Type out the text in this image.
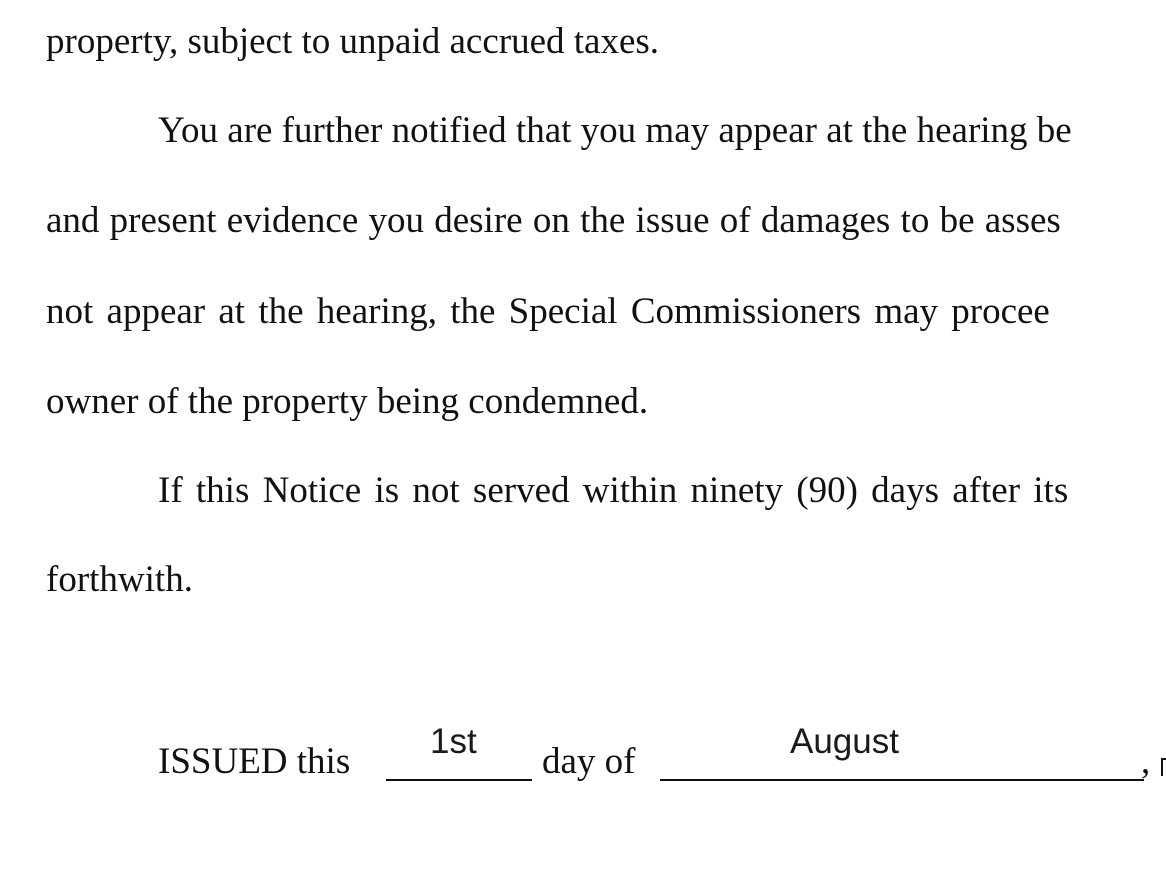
property, subject to unpaid accrued taxes.
You are further notified that you may appear at the hearing be
and present evidence you desire on the issue of damages to be asses
not appear at the hearing, the Special Commissioners may procee
owner of the property being condemned.
If this Notice is not served within ninety (90) days after its
forthwith.
ISSUED this 1st day of	August	,
